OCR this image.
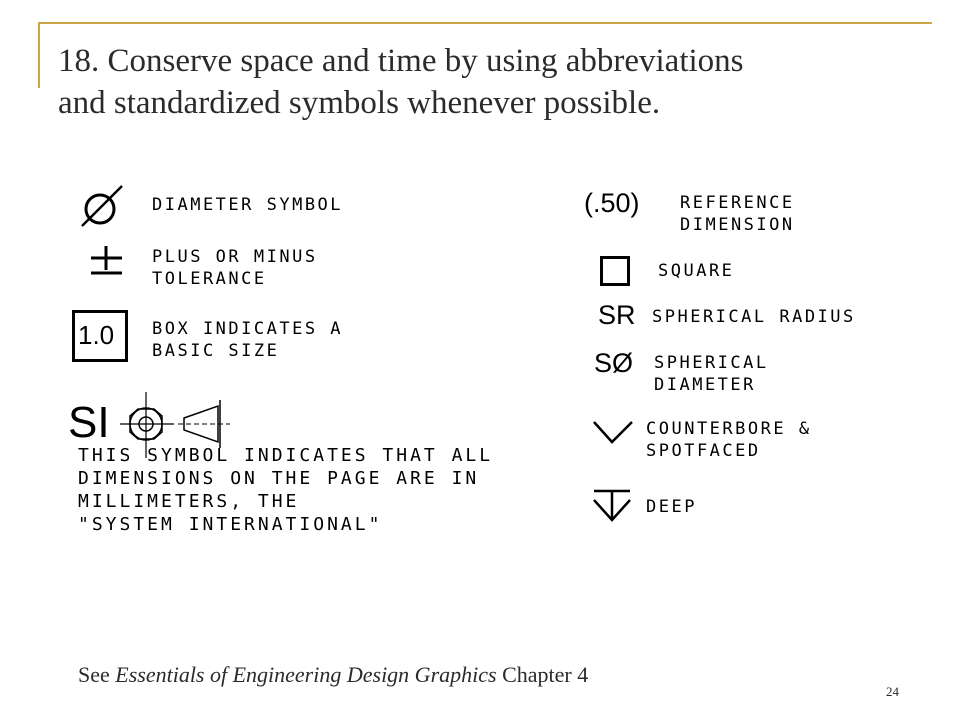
18. Conserve space and time by using abbreviations
and standardized symbols whenever possible.
DIAMETER SYMBOL
PLUS OR MINUS
TOLERANCE
1.0 BOX INDICATES A
BASIC SIZE
SI
THIS SYMBOL INDICATES THAT ALL
DIMENSIONS ON THE PAGE ARE IN
MILLIMETERS, THE
"SYSTEM INTERNATIONAL"
(.50) REFERENCE
DIMENSION
SQUARE
SR SPHERICAL RADIUS
SØ SPHERICAL
DIAMETER
COUNTERBORE &
SPOTFACED
DEEP
See Essentials of Engineering Design Graphics Chapter 4
24
